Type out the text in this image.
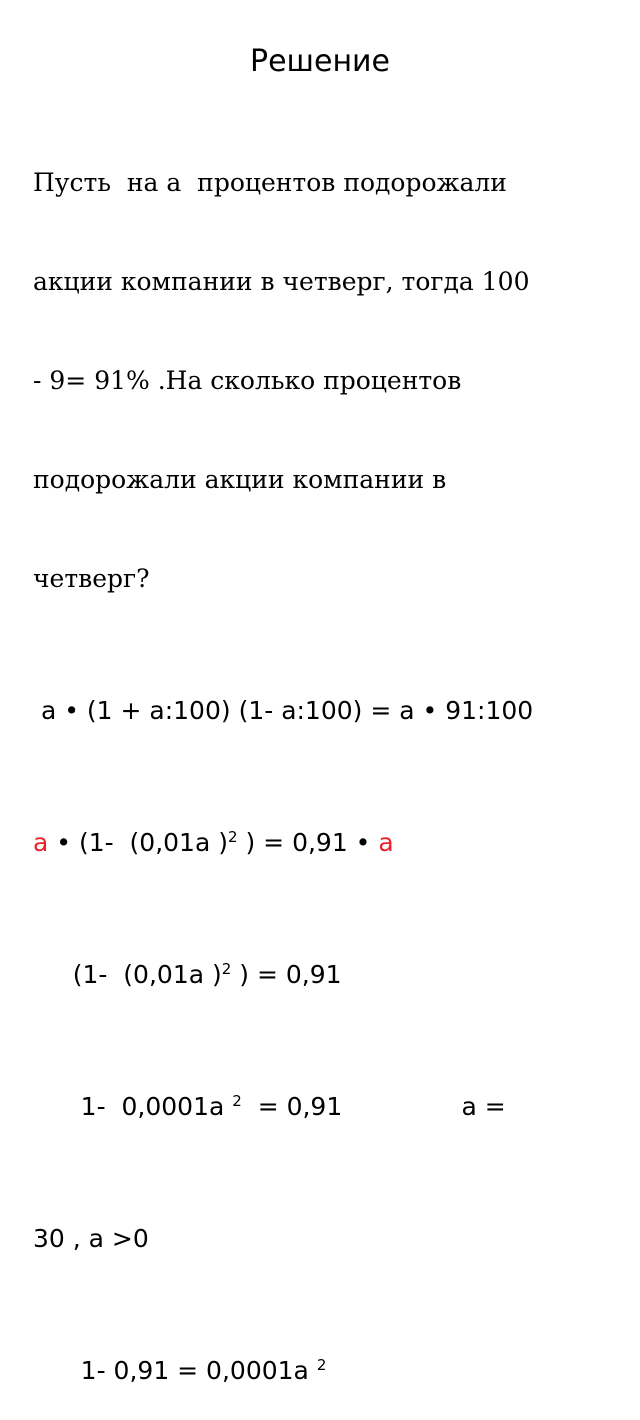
Решение

Пусть  на а  процентов подорожали

акции компании в четверг, тогда 100

- 9= 91% .На сколько процентов

подорожали акции компании в

четверг?

а • (1 + а:100) (1- а:100) = а • 91:100

а • (1-  (0,01а )$^2$ ) = 0,91 • а

(1-  (0,01а )$^2$ ) = 0,91

1-  0,0001а $^2$  = 0,91               а =

30 , а >0

1- 0,91 = 0,0001а $^2$
